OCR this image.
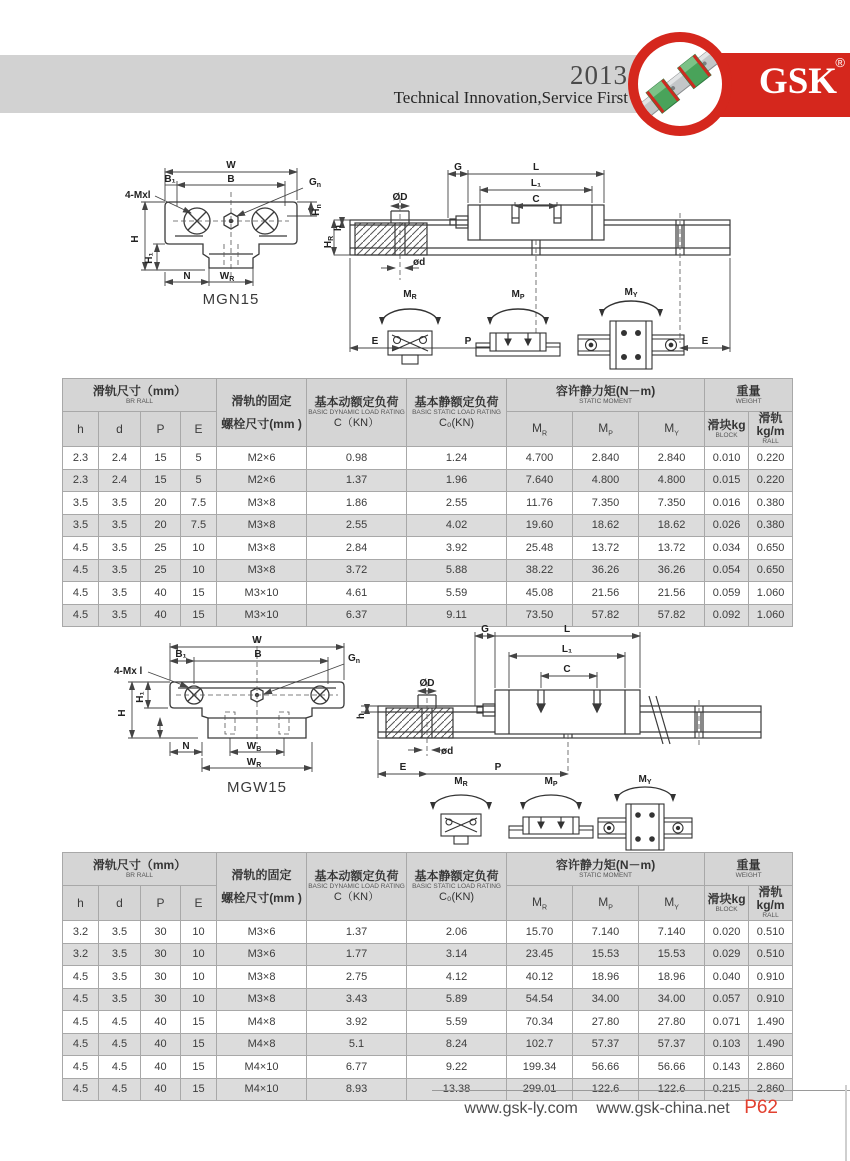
2013
Technical Innovation,Service First	GSK
®
W
B₁	B	$G_n$
4-Mxl
H
H₁
$H_n$
N	$W_R$
MGN15
G	L
L₁
C
ØD
ød
h
$H_R$
E	P	E
$M_R$	$M_P$	$M_Y$
滑轨尺寸（mm）
BR RALL	滑轨的固定
螺栓尺寸(mm )

基本动额定负荷
BASIC DYNAMIC LOAD RATING
C（KN）

基本静额定负荷
BASIC STATIC LOAD RATING
C₀(KN)

容许静力矩(N－m)
STATIC MOMENT

重量
WEIGHT

h	d	P	E	$M_R$	$M_P$	$M_Y$	
滑块kg
BLOCK

滑轨kg/m
RALL

2.3	2.4	15	5	M2×6	0.98	1.24	4.700	2.840	2.840	0.010	0.220
2.3	2.4	15	5	M2×6	1.37	1.96	7.640	4.800	4.800	0.015	0.220
3.5	3.5	20	7.5	M3×8	1.86	2.55	11.76	7.350	7.350	0.016	0.380
3.5	3.5	20	7.5	M3×8	2.55	4.02	19.60	18.62	18.62	0.026	0.380
4.5	3.5	25	10	M3×8	2.84	3.92	25.48	13.72	13.72	0.034	0.650
4.5	3.5	25	10	M3×8	3.72	5.88	38.22	36.26	36.26	0.054	0.650
4.5	3.5	40	15	M3×10	4.61	5.59	45.08	21.56	21.56	0.059	1.060
4.5	3.5	40	15	M3×10	6.37	9.11	73.50	57.82	57.82	0.092	1.060
W
B₁	B	$G_n$
4-Mx l
H
H₁
N	$W_B$
$W_R$
MGW15
G	L
L₁
C
ØD
ød
h
E	P
$M_R$	$M_P$	$M_Y$
滑轨尺寸（mm）
BR RALL	滑轨的固定
螺栓尺寸(mm )

基本动额定负荷
BASIC DYNAMIC LOAD RATING
C（KN）

基本静额定负荷
BASIC STATIC LOAD RATING
C₀(KN)

容许静力矩(N－m)
STATIC MOMENT

重量
WEIGHT

h	d	P	E	$M_R$	$M_P$	$M_Y$	
滑块kg
BLOCK

滑轨kg/m
RALL

3.2	3.5	30	10	M3×6	1.37	2.06	15.70	7.140	7.140	0.020	0.510
3.2	3.5	30	10	M3×6	1.77	3.14	23.45	15.53	15.53	0.029	0.510
4.5	3.5	30	10	M3×8	2.75	4.12	40.12	18.96	18.96	0.040	0.910
4.5	3.5	30	10	M3×8	3.43	5.89	54.54	34.00	34.00	0.057	0.910
4.5	4.5	40	15	M4×8	3.92	5.59	70.34	27.80	27.80	0.071	1.490
4.5	4.5	40	15	M4×8	5.1	8.24	102.7	57.37	57.37	0.103	1.490
4.5	4.5	40	15	M4×10	6.77	9.22	199.34	56.66	56.66	0.143	2.860
4.5	4.5	40	15	M4×10	8.93	13.38	299.01	122.6	122.6	0.215	2.860
www.gsk-ly.com www.gsk-china.net P62
